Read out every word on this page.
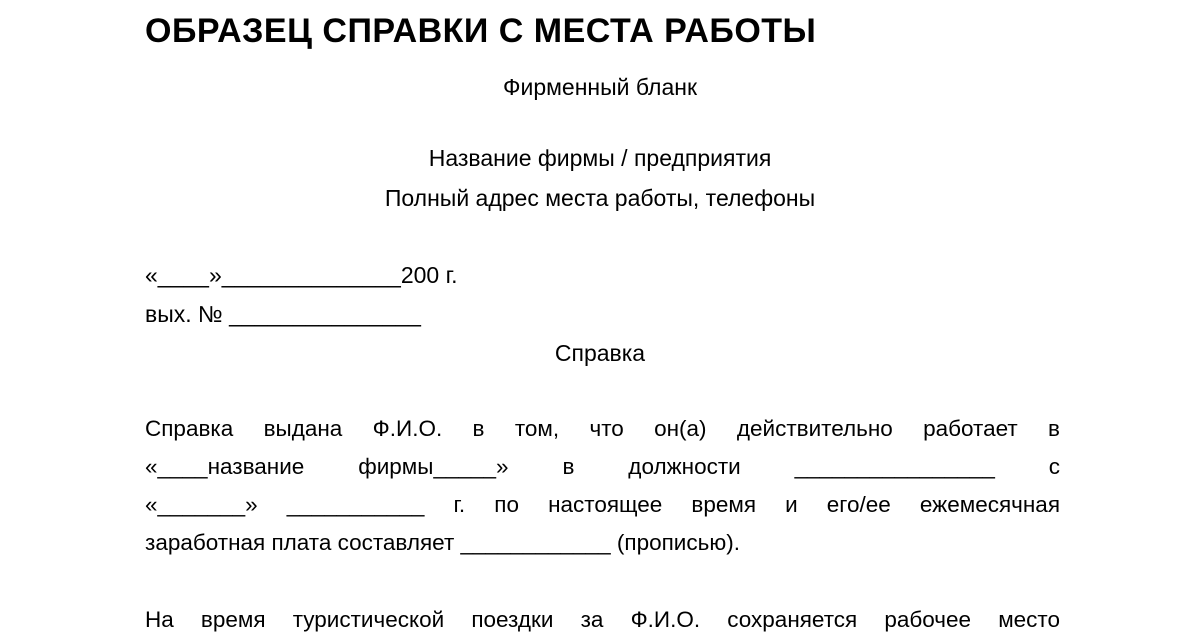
ОБРАЗЕЦ СПРАВКИ С МЕСТА РАБОТЫ
Фирменный бланк
Название фирмы / предприятия
Полный адрес места работы, телефоны
«____»______________200 г.
вых. № _______________
Справка
Справка выдана Ф.И.О. в том, что он(а) действительно работает в
«____название фирмы_____» в должности ________________ с
«_______» ___________ г. по настоящее время и его/ее ежемесячная
заработная плата составляет ____________ (прописью).
На время туристической поездки за Ф.И.О. сохраняется рабочее место
